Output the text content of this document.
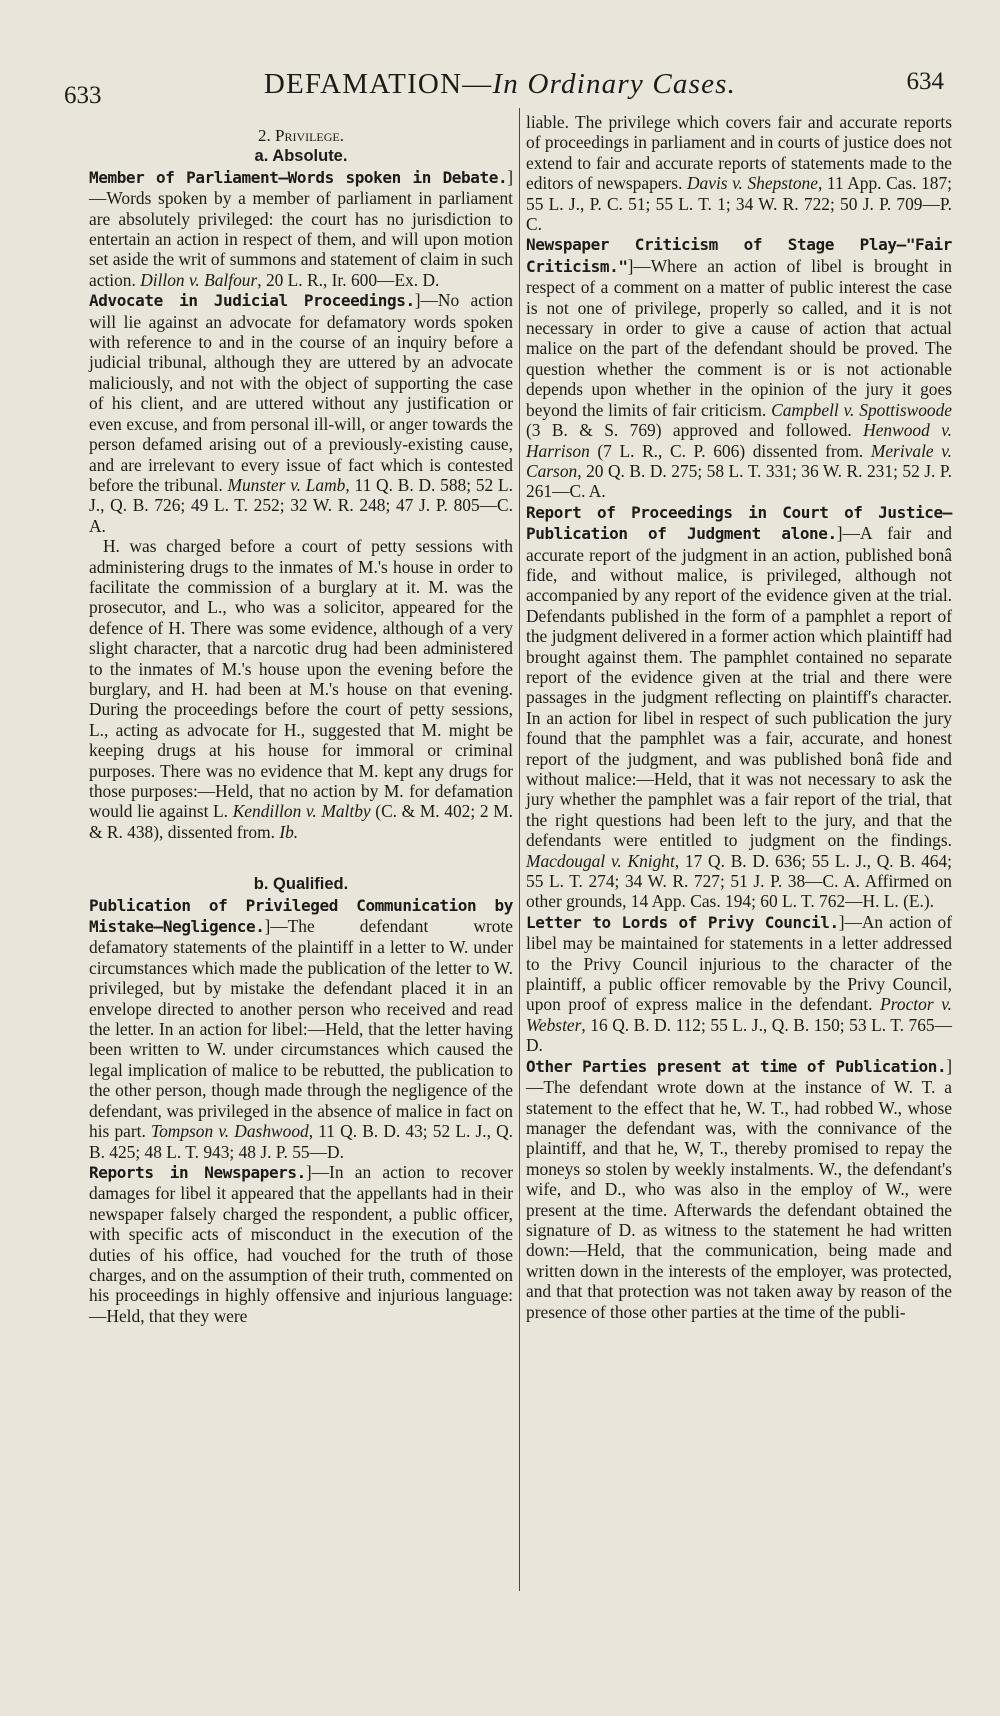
633	DEFAMATION—In Ordinary Cases.	634

2. Privilege.

a. Absolute.

Member of Parliament—Words spoken in Debate.]—Words spoken by a member of parliament in parliament are absolutely privileged: the court has no jurisdiction to entertain an action in respect of them, and will upon motion set aside the writ of summons and statement of claim in such action. Dillon v. Balfour, 20 L. R., Ir. 600—Ex. D.

Advocate in Judicial Proceedings.]—No action will lie against an advocate for defamatory words spoken with reference to and in the course of an inquiry before a judicial tribunal, although they are uttered by an advocate maliciously, and not with the object of supporting the case of his client, and are uttered without any justification or even excuse, and from personal ill-will, or anger towards the person defamed arising out of a previously-existing cause, and are irrelevant to every issue of fact which is contested before the tribunal. Munster v. Lamb, 11 Q. B. D. 588; 52 L. J., Q. B. 726; 49 L. T. 252; 32 W. R. 248; 47 J. P. 805—C. A.

H. was charged before a court of petty sessions with administering drugs to the inmates of M.'s house in order to facilitate the commission of a burglary at it. M. was the prosecutor, and L., who was a solicitor, appeared for the defence of H. There was some evidence, although of a very slight character, that a narcotic drug had been administered to the inmates of M.'s house upon the evening before the burglary, and H. had been at M.'s house on that evening. During the proceedings before the court of petty sessions, L., acting as advocate for H., suggested that M. might be keeping drugs at his house for immoral or criminal purposes. There was no evidence that M. kept any drugs for those purposes:—Held, that no action by M. for defamation would lie against L. Kendillon v. Maltby (C. & M. 402; 2 M. & R. 438), dissented from. Ib.

b. Qualified.

Publication of Privileged Communication by Mistake—Negligence.]—The defendant wrote defamatory statements of the plaintiff in a letter to W. under circumstances which made the publication of the letter to W. privileged, but by mistake the defendant placed it in an envelope directed to another person who received and read the letter. In an action for libel:—Held, that the letter having been written to W. under circumstances which caused the legal implication of malice to be rebutted, the publication to the other person, though made through the negligence of the defendant, was privileged in the absence of malice in fact on his part. Tompson v. Dashwood, 11 Q. B. D. 43; 52 L. J., Q. B. 425; 48 L. T. 943; 48 J. P. 55—D.

Reports in Newspapers.]—In an action to recover damages for libel it appeared that the appellants had in their newspaper falsely charged the respondent, a public officer, with specific acts of misconduct in the execution of the duties of his office, had vouched for the truth of those charges, and on the assumption of their truth, commented on his proceedings in highly offensive and injurious language:—Held, that they were

liable. The privilege which covers fair and accurate reports of proceedings in parliament and in courts of justice does not extend to fair and accurate reports of statements made to the editors of newspapers. Davis v. Shepstone, 11 App. Cas. 187; 55 L. J., P. C. 51; 55 L. T. 1; 34 W. R. 722; 50 J. P. 709—P. C.

Newspaper Criticism of Stage Play—"Fair Criticism."]—Where an action of libel is brought in respect of a comment on a matter of public interest the case is not one of privilege, properly so called, and it is not necessary in order to give a cause of action that actual malice on the part of the defendant should be proved. The question whether the comment is or is not actionable depends upon whether in the opinion of the jury it goes beyond the limits of fair criticism. Campbell v. Spottiswoode (3 B. & S. 769) approved and followed. Henwood v. Harrison (7 L. R., C. P. 606) dissented from. Merivale v. Carson, 20 Q. B. D. 275; 58 L. T. 331; 36 W. R. 231; 52 J. P. 261—C. A.

Report of Proceedings in Court of Justice—Publication of Judgment alone.]—A fair and accurate report of the judgment in an action, published bonâ fide, and without malice, is privileged, although not accompanied by any report of the evidence given at the trial. Defendants published in the form of a pamphlet a report of the judgment delivered in a former action which plaintiff had brought against them. The pamphlet contained no separate report of the evidence given at the trial and there were passages in the judgment reflecting on plaintiff's character. In an action for libel in respect of such publication the jury found that the pamphlet was a fair, accurate, and honest report of the judgment, and was published bonâ fide and without malice:—Held, that it was not necessary to ask the jury whether the pamphlet was a fair report of the trial, that the right questions had been left to the jury, and that the defendants were entitled to judgment on the findings. Macdougal v. Knight, 17 Q. B. D. 636; 55 L. J., Q. B. 464; 55 L. T. 274; 34 W. R. 727; 51 J. P. 38—C. A. Affirmed on other grounds, 14 App. Cas. 194; 60 L. T. 762—H. L. (E.).

Letter to Lords of Privy Council.]—An action of libel may be maintained for statements in a letter addressed to the Privy Council injurious to the character of the plaintiff, a public officer removable by the Privy Council, upon proof of express malice in the defendant. Proctor v. Webster, 16 Q. B. D. 112; 55 L. J., Q. B. 150; 53 L. T. 765—D.

Other Parties present at time of Publication.]—The defendant wrote down at the instance of W. T. a statement to the effect that he, W. T., had robbed W., whose manager the defendant was, with the connivance of the plaintiff, and that he, W, T., thereby promised to repay the moneys so stolen by weekly instalments. W., the defendant's wife, and D., who was also in the employ of W., were present at the time. Afterwards the defendant obtained the signature of D. as witness to the statement he had written down:—Held, that the communication, being made and written down in the interests of the employer, was protected, and that that protection was not taken away by reason of the presence of those other parties at the time of the publi-
